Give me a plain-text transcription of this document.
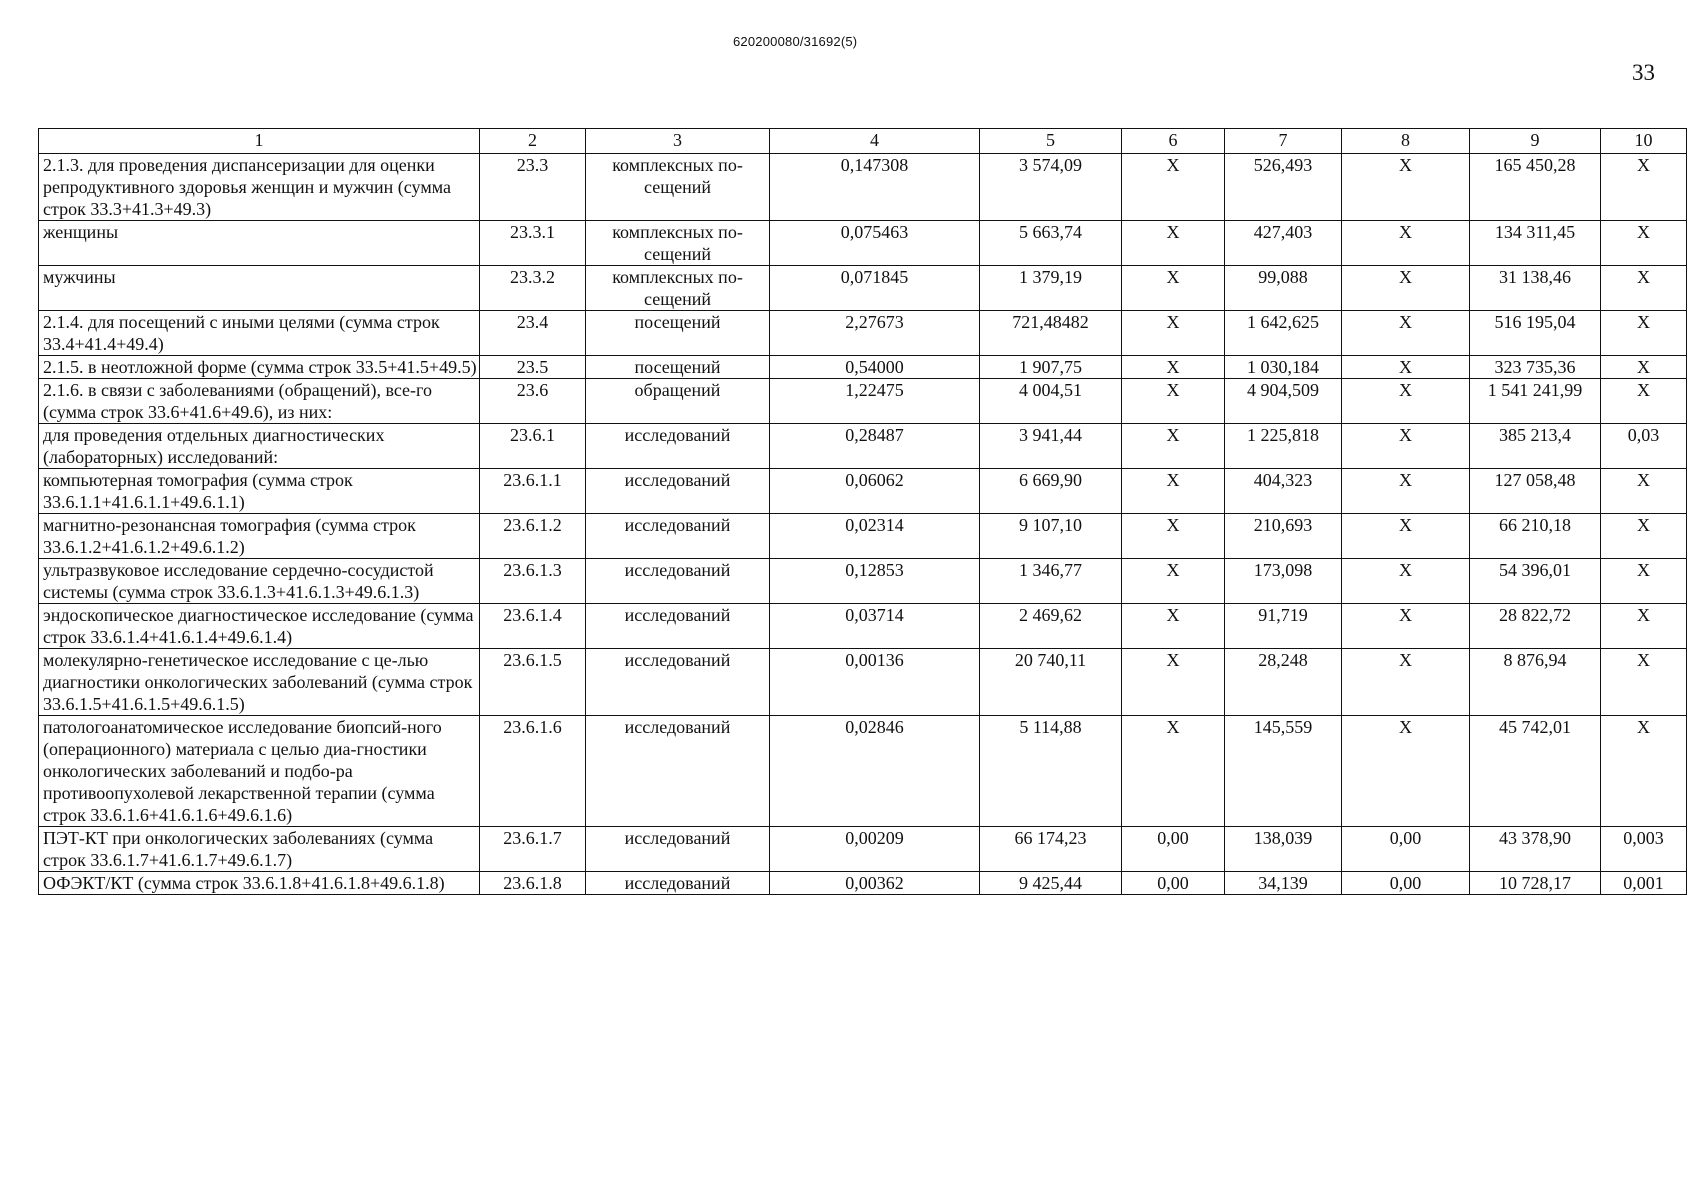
620200080/31692(5)
33
1	2	3	4	5	6	7	8	9	10
2.1.3. для проведения диспансеризации для оценки репродуктивного здоровья женщин и мужчин (сумма строк 33.3+41.3+49.3)	23.3	комплексных по-сещений	0,147308	3 574,09	X	526,493	X	165 450,28	X
женщины	23.3.1	комплексных по-сещений	0,075463	5 663,74	X	427,403	X	134 311,45	X
мужчины	23.3.2	комплексных по-сещений	0,071845	1 379,19	X	99,088	X	31 138,46	X
2.1.4. для посещений с иными целями (сумма строк 33.4+41.4+49.4)	23.4	посещений	2,27673	721,48482	X	1 642,625	X	516 195,04	X
2.1.5. в неотложной форме (сумма строк 33.5+41.5+49.5)	23.5	посещений	0,54000	1 907,75	X	1 030,184	X	323 735,36	X
2.1.6. в связи с заболеваниями (обращений), все-го (сумма строк 33.6+41.6+49.6), из них:	23.6	обращений	1,22475	4 004,51	X	4 904,509	X	1 541 241,99	X
для проведения отдельных диагностических (лабораторных) исследований:	23.6.1	исследований	0,28487	3 941,44	X	1 225,818	X	385 213,4	0,03
компьютерная томография (сумма строк 33.6.1.1+41.6.1.1+49.6.1.1)	23.6.1.1	исследований	0,06062	6 669,90	X	404,323	X	127 058,48	X
магнитно-резонансная томография (сумма строк 33.6.1.2+41.6.1.2+49.6.1.2)	23.6.1.2	исследований	0,02314	9 107,10	X	210,693	X	66 210,18	X
ультразвуковое исследование сердечно-сосудистой системы (сумма строк 33.6.1.3+41.6.1.3+49.6.1.3)	23.6.1.3	исследований	0,12853	1 346,77	X	173,098	X	54 396,01	X
эндоскопическое диагностическое исследование (сумма строк 33.6.1.4+41.6.1.4+49.6.1.4)	23.6.1.4	исследований	0,03714	2 469,62	X	91,719	X	28 822,72	X
молекулярно-генетическое исследование с це-лью диагностики онкологических заболеваний (сумма строк 33.6.1.5+41.6.1.5+49.6.1.5)	23.6.1.5	исследований	0,00136	20 740,11	X	28,248	X	8 876,94	X
патологоанатомическое исследование биопсий-ного (операционного) материала с целью диа-гностики онкологических заболеваний и подбо-ра противоопухолевой лекарственной терапии (сумма строк 33.6.1.6+41.6.1.6+49.6.1.6)	23.6.1.6	исследований	0,02846	5 114,88	X	145,559	X	45 742,01	X
ПЭТ-КТ при онкологических заболеваниях (сумма строк 33.6.1.7+41.6.1.7+49.6.1.7)	23.6.1.7	исследований	0,00209	66 174,23	0,00	138,039	0,00	43 378,90	0,003
ОФЭКТ/КТ (сумма строк 33.6.1.8+41.6.1.8+49.6.1.8)	23.6.1.8	исследований	0,00362	9 425,44	0,00	34,139	0,00	10 728,17	0,001
